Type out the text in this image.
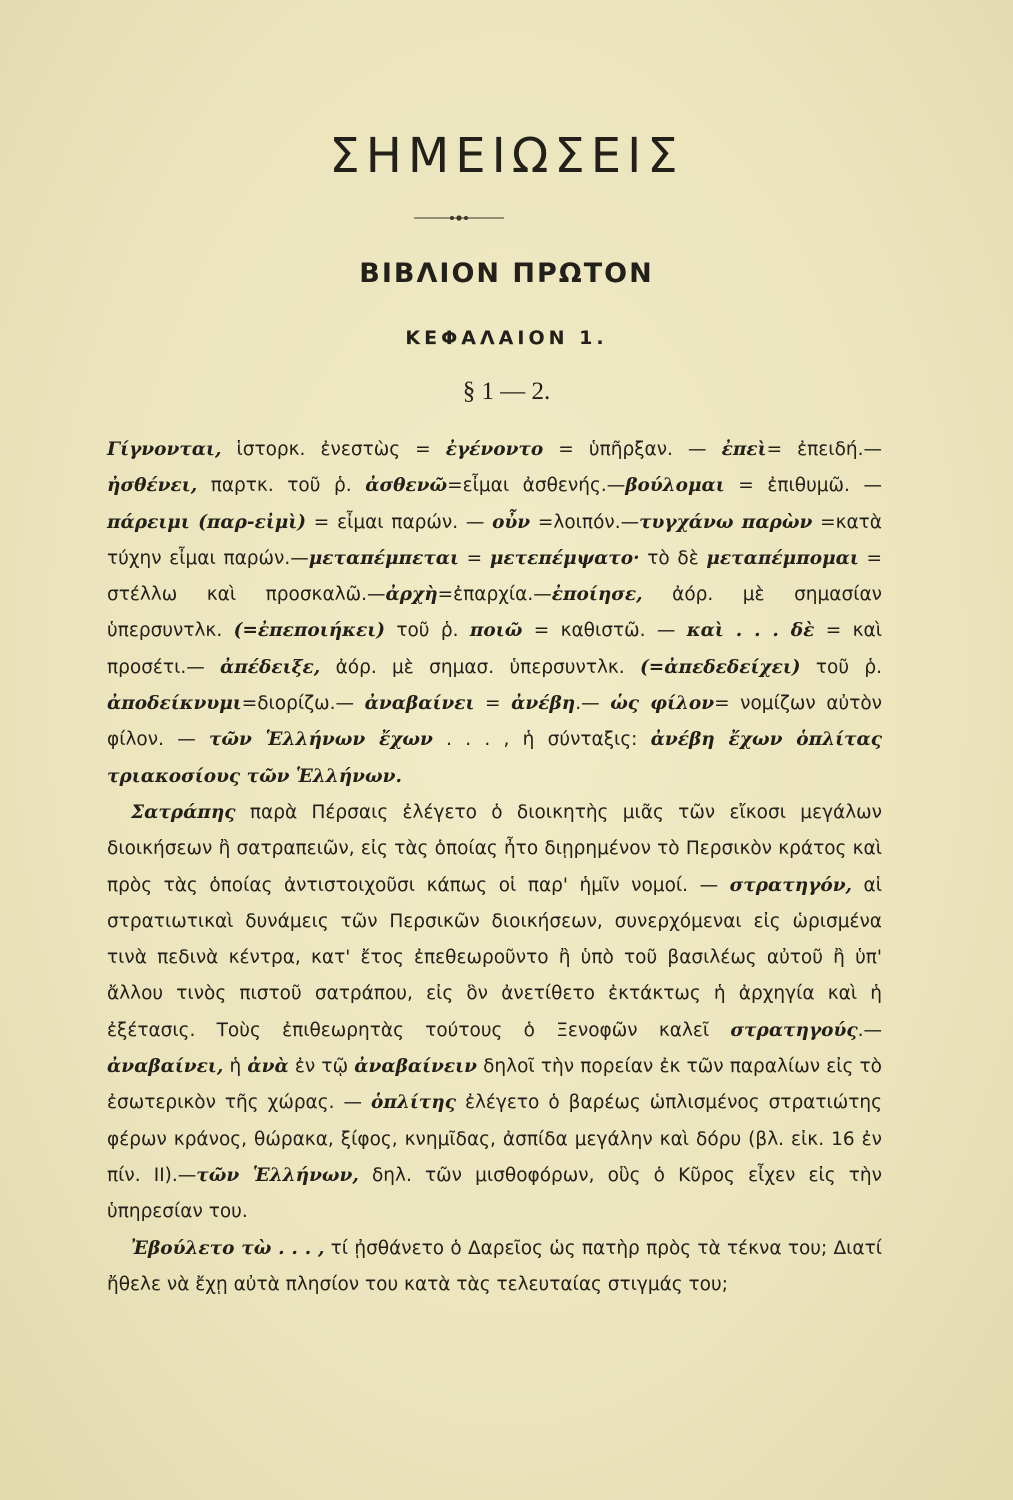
ΣΗΜΕΙΩΣΕΙΣ
ΒΙΒΛΙΟΝ ΠΡΩΤΟΝ
ΚΕΦΑΛΑΙΟΝ 1.
§ 1 — 2.

Γίγνονται, ἱστορκ. ἐνεστὼς = ἐγένοντο = ὑπῆρξαν. — ἐπεὶ= ἐπειδή.—ἠσθένει, παρτκ. τοῦ ῥ. ἀσθενῶ=εἶμαι ἀσθενής.—βούλομαι = ἐπιθυμῶ. — πάρειμι (παρ-εἰμὶ) = εἶμαι παρών. — οὖν =λοιπόν.—τυγχάνω παρὼν =κατὰ τύχην εἶμαι παρών.—μεταπέμπεται = μετεπέμψατο· τὸ δὲ μεταπέμπομαι = στέλλω καὶ προσκαλῶ.—ἀρχὴ=ἐπαρχία.—ἐποίησε, ἀόρ. μὲ σημασίαν ὑπερσυντλκ. (=ἐπεποιήκει) τοῦ ῥ. ποιῶ = καθιστῶ. — καὶ . . . δὲ = καὶ προσέτι.— ἀπέδειξε, ἀόρ. μὲ σημασ. ὑπερσυντλκ. (=ἀπεδεδείχει) τοῦ ῥ. ἀποδείκνυμι=διορίζω.— ἀναβαίνει = ἀνέβη.— ὡς φίλον= νομίζων αὐτὸν φίλον. — τῶν Ἑλλήνων ἔχων . . . , ἡ σύνταξις: ἀνέβη ἔχων ὁπλίτας τριακοσίους τῶν Ἑλλήνων.

Σατράπης παρὰ Πέρσαις ἐλέγετο ὁ διοικητὴς μιᾶς τῶν εἴκοσι μεγάλων διοικήσεων ἢ σατραπειῶν, εἰς τὰς ὁποίας ἦτο διῃρημένον τὸ Περσικὸν κράτος καὶ πρὸς τὰς ὁποίας ἀντιστοιχοῦσι κάπως οἱ παρ' ἡμῖν νομοί. — στρατηγόν, αἱ στρατιωτικαὶ δυνάμεις τῶν Περσικῶν διοικήσεων, συνερχόμεναι εἰς ὡρισμένα τινὰ πεδινὰ κέντρα, κατ' ἔτος ἐπεθεωροῦντο ἢ ὑπὸ τοῦ βασιλέως αὐτοῦ ἢ ὑπ' ἄλλου τινὸς πιστοῦ σατράπου, εἰς ὃν ἀνετίθετο ἐκτάκτως ἡ ἀρχηγία καὶ ἡ ἐξέτασις. Τοὺς ἐπιθεωρητὰς τούτους ὁ Ξενοφῶν καλεῖ στρατηγούς.—ἀναβαίνει, ἡ ἀνὰ ἐν τῷ ἀναβαίνειν δηλοῖ τὴν πορείαν ἐκ τῶν παραλίων εἰς τὸ ἐσωτερικὸν τῆς χώρας. — ὁπλίτης ἐλέγετο ὁ βαρέως ὡπλισμένος στρατιώτης φέρων κράνος, θώρακα, ξίφος, κνημῖδας, ἀσπίδα μεγάλην καὶ δόρυ (βλ. εἰκ. 16 ἐν πίν. II).—τῶν Ἑλλήνων, δηλ. τῶν μισθοφόρων, οὓς ὁ Κῦρος εἶχεν εἰς τὴν ὑπηρεσίαν του.

Ἐβούλετο τὼ . . . , τί ᾐσθάνετο ὁ Δαρεῖος ὡς πατὴρ πρὸς τὰ τέκνα του; Διατί ἤθελε νὰ ἔχῃ αὐτὰ πλησίον του κατὰ τὰς τελευταίας στιγμάς του;
